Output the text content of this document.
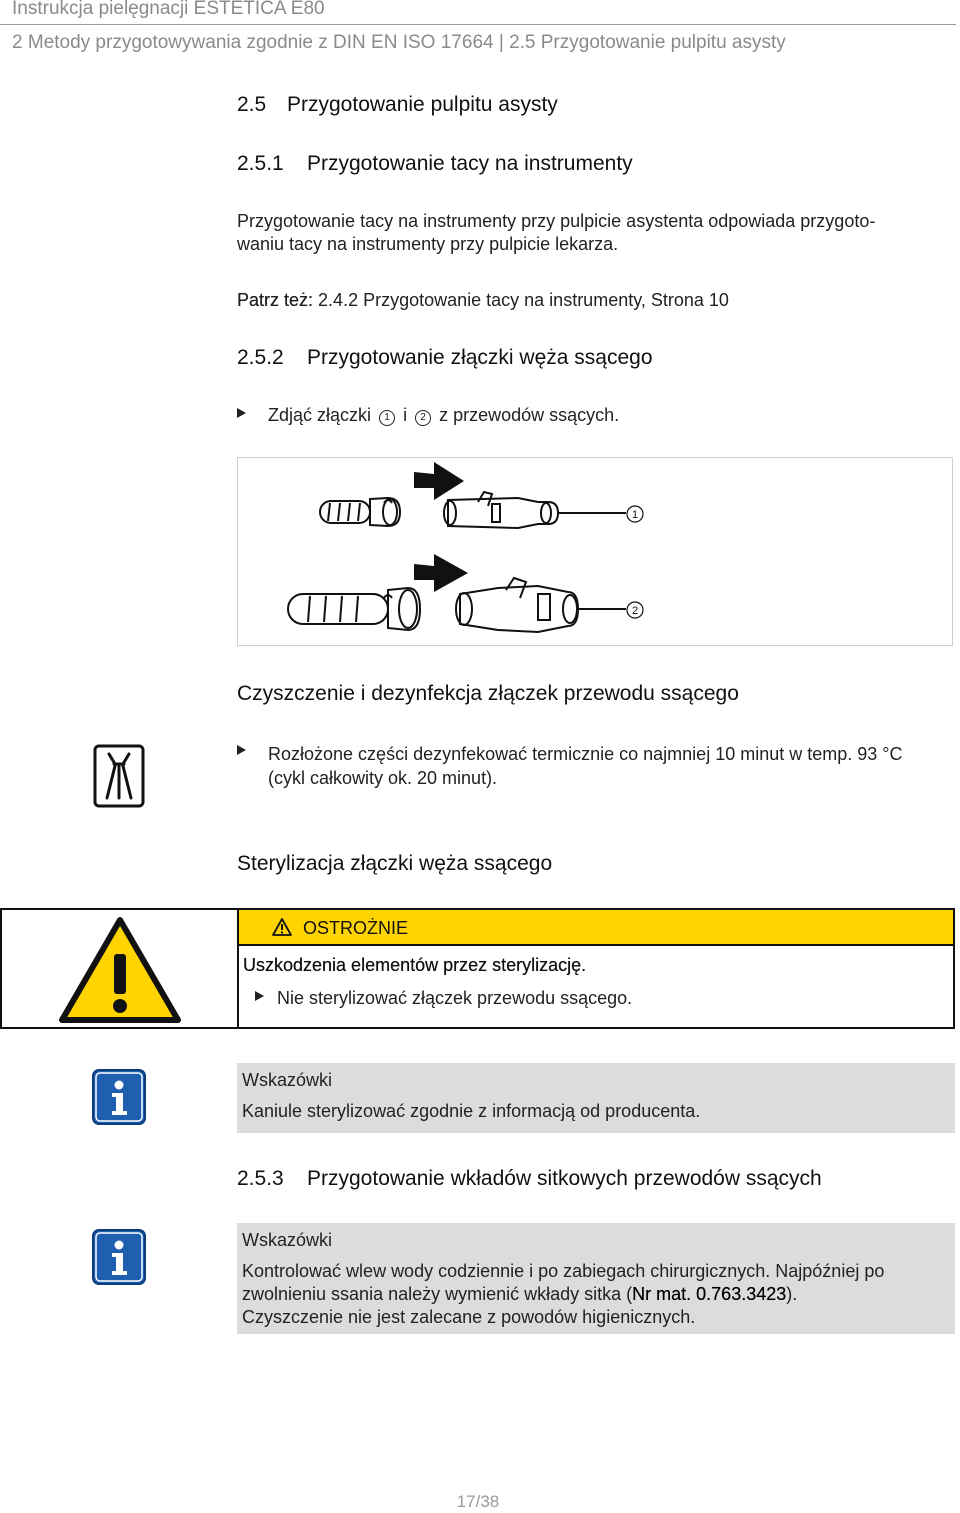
Instrukcja pielęgnacji ESTETICA E80
2 Metody przygotowywania zgodnie z DIN EN ISO 17664 | 2.5 Przygotowanie pulpitu asysty
2.5 Przygotowanie pulpitu asysty
2.5.1 Przygotowanie tacy na instrumenty
Przygotowanie tacy na instrumenty przy pulpicie asystenta odpowiada przygoto-
waniu tacy na instrumenty przy pulpicie lekarza.
Patrz też: 2.4.2 Przygotowanie tacy na instrumenty, Strona 10
2.5.2 Przygotowanie złączki węża ssącego
Zdjąć złączki 1 i 2 z przewodów ssących.
1
2
Czyszczenie i dezynfekcja złączek przewodu ssącego
Rozłożone części dezynfekować termicznie co najmniej 10 minut w temp. 93 °C
(cykl całkowity ok. 20 minut).
Sterylizacja złączki węża ssącego
OSTROŻNIE
Uszkodzenia elementów przez sterylizację.
Nie sterylizować złączek przewodu ssącego.
Wskazówki
Kaniule sterylizować zgodnie z informacją od producenta.
2.5.3 Przygotowanie wkładów sitkowych przewodów ssących
Wskazówki
Kontrolować wlew wody codziennie i po zabiegach chirurgicznych. Najpóźniej po
zwolnieniu ssania należy wymienić wkłady sitka (Nr mat. 0.763.3423).
Czyszczenie nie jest zalecane z powodów higienicznych.
17/38
